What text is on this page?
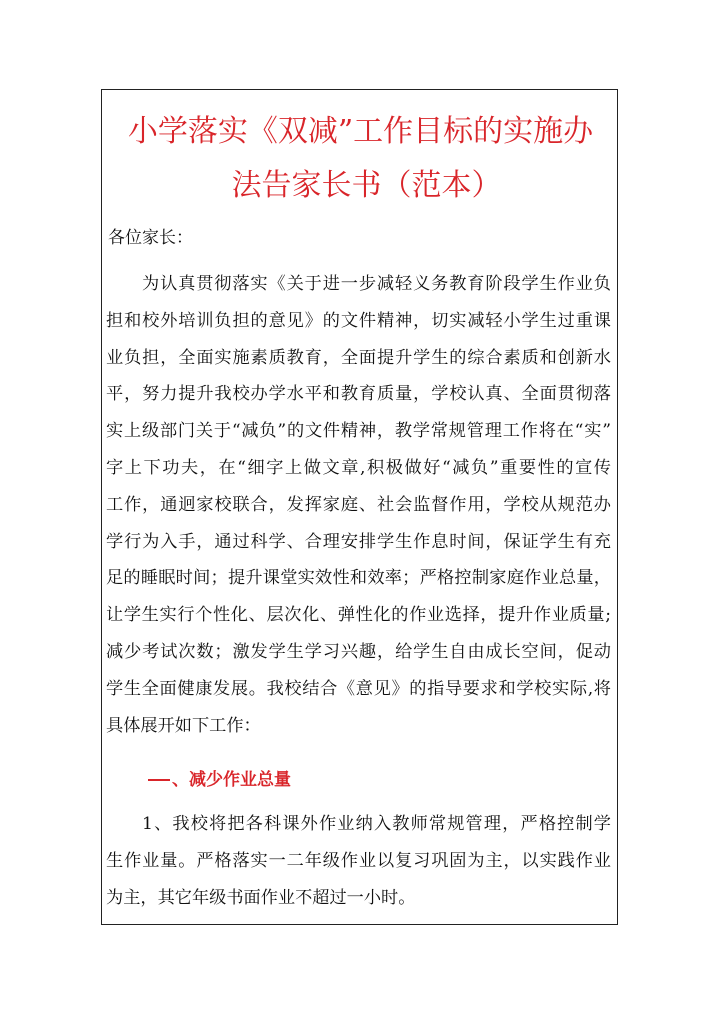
小学落实《双减”工作目标的实施办
法告家长书（范本）
各位家长：
为认真贯彻落实《关于进一步减轻义务教育阶段学生作业负
担和校外培训负担的意见》的文件精神，切实减轻小学生过重课
业负担，全面实施素质教育，全面提升学生的综合素质和创新水
平，努力提升我校办学水平和教育质量，学校认真、全面贯彻落
实上级部门关于“减负”的文件精神，教学常规管理工作将在“实”
字上下功夫，在“细字上做文章,积极做好“减负”重要性的宣传
工作，通迥家校联合，发挥家庭、社会监督作用，学校从规范办
学行为入手，通过科学、合理安排学生作息时间，保证学生有充
足的睡眠时间；提升课堂实效性和效率；严格控制家庭作业总量，
让学生实行个性化、层次化、弹性化的作业选择，提升作业质量;
减少考试次数；激发学生学习兴趣，给学生自由成长空间，促动
学生全面健康发展。我校结合《意见》的指导要求和学校实际,将
具体展开如下工作：
、减少作业总量
1、我校将把各科课外作业纳入教师常规管理，严格控制学
生作业量。严格落实一二年级作业以复习巩固为主，以实践作业
为主，其它年级书面作业不超过一小时。
